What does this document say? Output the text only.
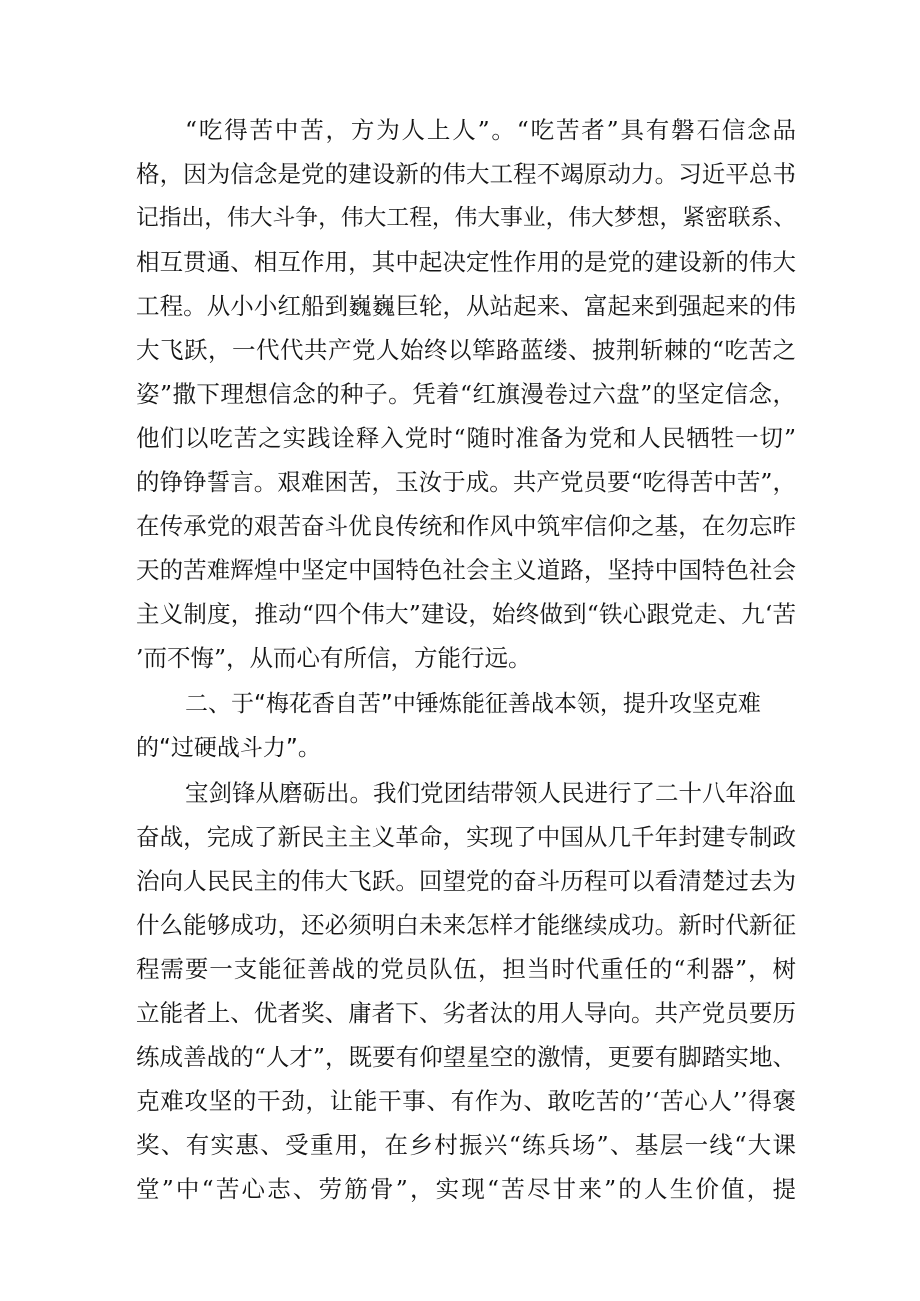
“吃得苦中苦，方为人上人”。“吃苦者”具有磐石信念品
格，因为信念是党的建设新的伟大工程不竭原动力。习近平总书
记指出，伟大斗争，伟大工程，伟大事业，伟大梦想，紧密联系、
相互贯通、相互作用，其中起决定性作用的是党的建设新的伟大
工程。从小小红船到巍巍巨轮，从站起来、富起来到强起来的伟
大飞跃，一代代共产党人始终以筚路蓝缕、披荆斩棘的“吃苦之
姿”撒下理想信念的种子。凭着“红旗漫卷过六盘”的坚定信念，
他们以吃苦之实践诠释入党时“随时准备为党和人民牺牲一切”
的铮铮誓言。艰难困苦，玉汝于成。共产党员要“吃得苦中苦”，
在传承党的艰苦奋斗优良传统和作风中筑牢信仰之基，在勿忘昨
天的苦难辉煌中坚定中国特色社会主义道路，坚持中国特色社会
主义制度，推动“四个伟大”建设，始终做到“铁心跟党走、九‘苦
’而不悔”，从而心有所信，方能行远。
二、于“梅花香自苦”中锤炼能征善战本领，提升攻坚克难
的“过硬战斗力”。
宝剑锋从磨砺出。我们党团结带领人民进行了二十八年浴血
奋战，完成了新民主主义革命，实现了中国从几千年封建专制政
治向人民民主的伟大飞跃。回望党的奋斗历程可以看清楚过去为
什么能够成功，还必须明白未来怎样才能继续成功。新时代新征
程需要一支能征善战的党员队伍，担当时代重任的“利器”，树
立能者上、优者奖、庸者下、劣者汰的用人导向。共产党员要历
练成善战的“人才”，既要有仰望星空的激情，更要有脚踏实地、
克难攻坚的干劲，让能干事、有作为、敢吃苦的’‘苦心人’’得褒
奖、有实惠、受重用，在乡村振兴“练兵场”、基层一线“大课
堂”中“苦心志、劳筋骨”，实现“苦尽甘来”的人生价值，提
